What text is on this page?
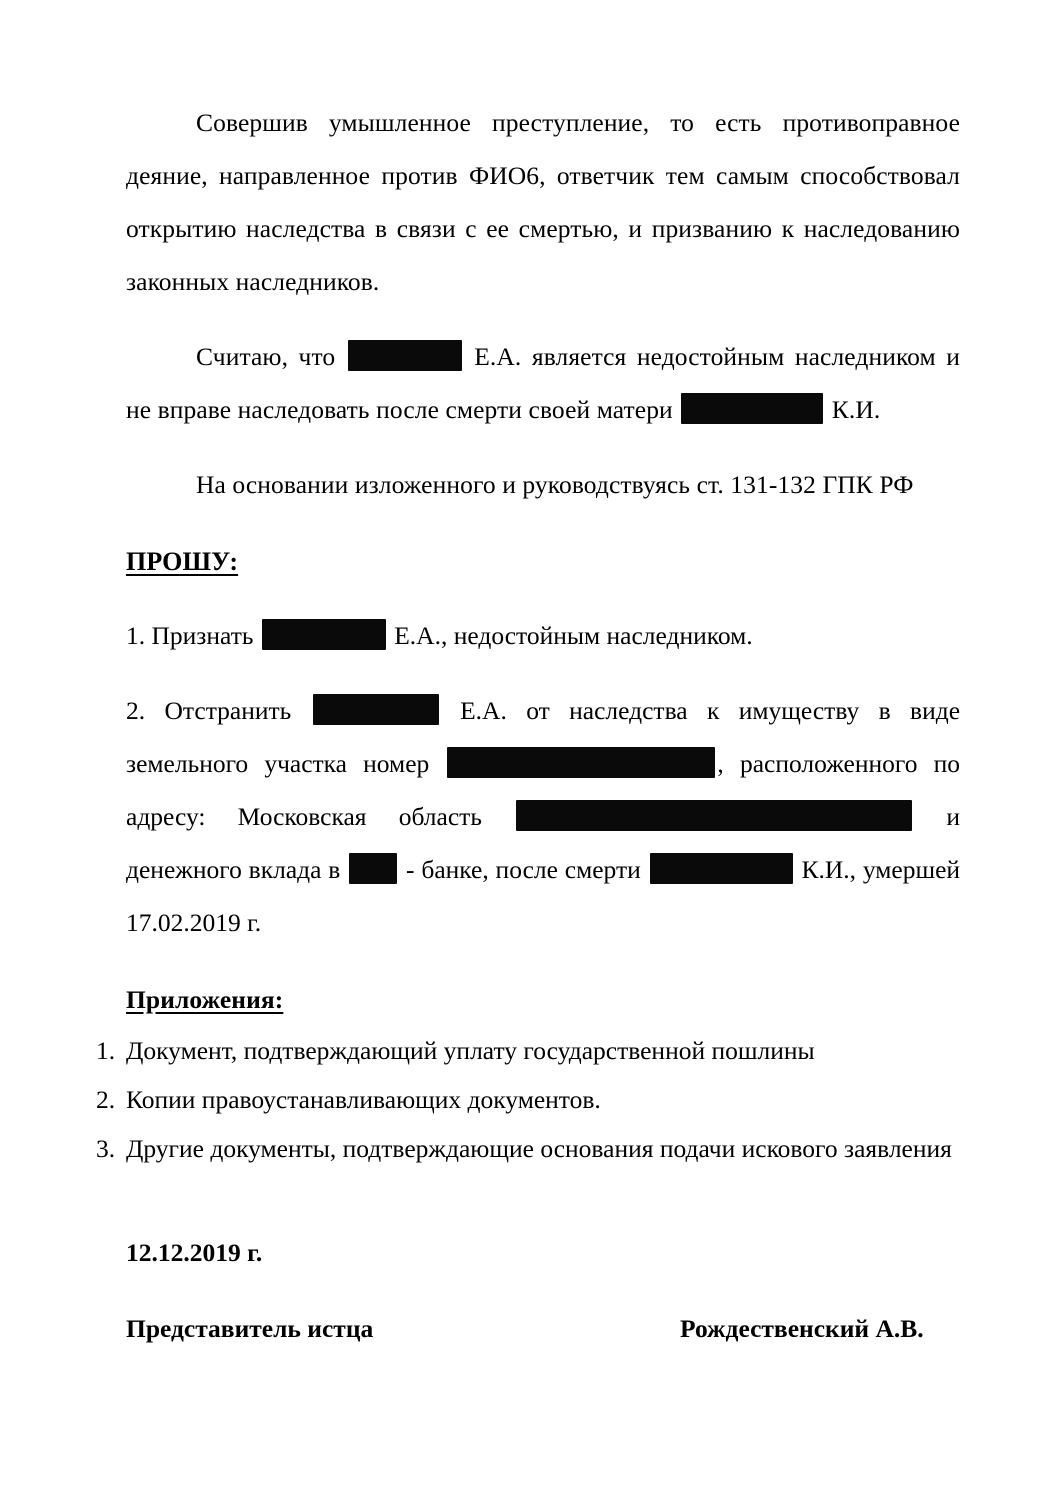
Совершив умышленное преступление, то есть противоправное деяние, направленное против ФИО6, ответчик тем самым способствовал открытию наследства в связи с ее смертью, и призванию к наследованию законных наследников.

Считаю, что	Е.А. является недостойным наследником и не вправе наследовать после смерти своей матери	К.И.

На основании изложенного и руководствуясь ст. 131-132 ГПК РФ

ПРОШУ:

1. Признать	Е.А., недостойным наследником.

2. Отстранить	Е.А. от наследства к имуществу в виде земельного участка номер	, расположенного по адресу: Московская область	и денежного вклада в	- банке, после смерти	К.И., умершей 17.02.2019 г.

Приложения:

1. Документ, подтверждающий уплату государственной пошлины
2. Копии правоустанавливающих документов.
3. Другие документы, подтверждающие основания подачи искового заявления

12.12.2019 г.

Представитель истца	Рождественский А.В.
